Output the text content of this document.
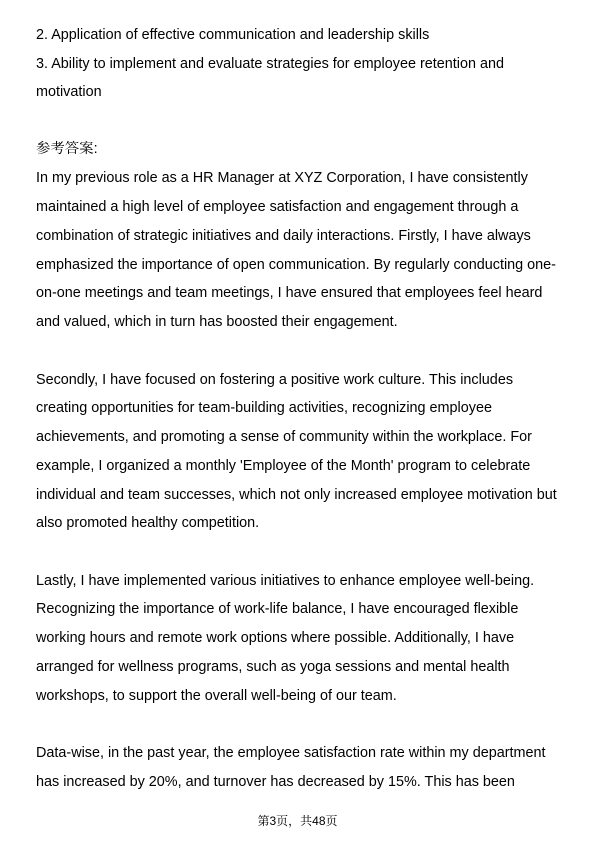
2. Application of effective communication and leadership skills
3. Ability to implement and evaluate strategies for employee retention and
motivation
参考答案:
In my previous role as a HR Manager at XYZ Corporation, I have consistently
maintained a high level of employee satisfaction and engagement through a
combination of strategic initiatives and daily interactions. Firstly, I have always
emphasized the importance of open communication. By regularly conducting one-
on-one meetings and team meetings, I have ensured that employees feel heard
and valued, which in turn has boosted their engagement.
Secondly, I have focused on fostering a positive work culture. This includes
creating opportunities for team-building activities, recognizing employee
achievements, and promoting a sense of community within the workplace. For
example, I organized a monthly 'Employee of the Month' program to celebrate
individual and team successes, which not only increased employee motivation but
also promoted healthy competition.
Lastly, I have implemented various initiatives to enhance employee well-being.
Recognizing the importance of work-life balance, I have encouraged flexible
working hours and remote work options where possible. Additionally, I have
arranged for wellness programs, such as yoga sessions and mental health
workshops, to support the overall well-being of our team.
Data-wise, in the past year, the employee satisfaction rate within my department
has increased by 20%, and turnover has decreased by 15%. This has been
第3页，共48页
